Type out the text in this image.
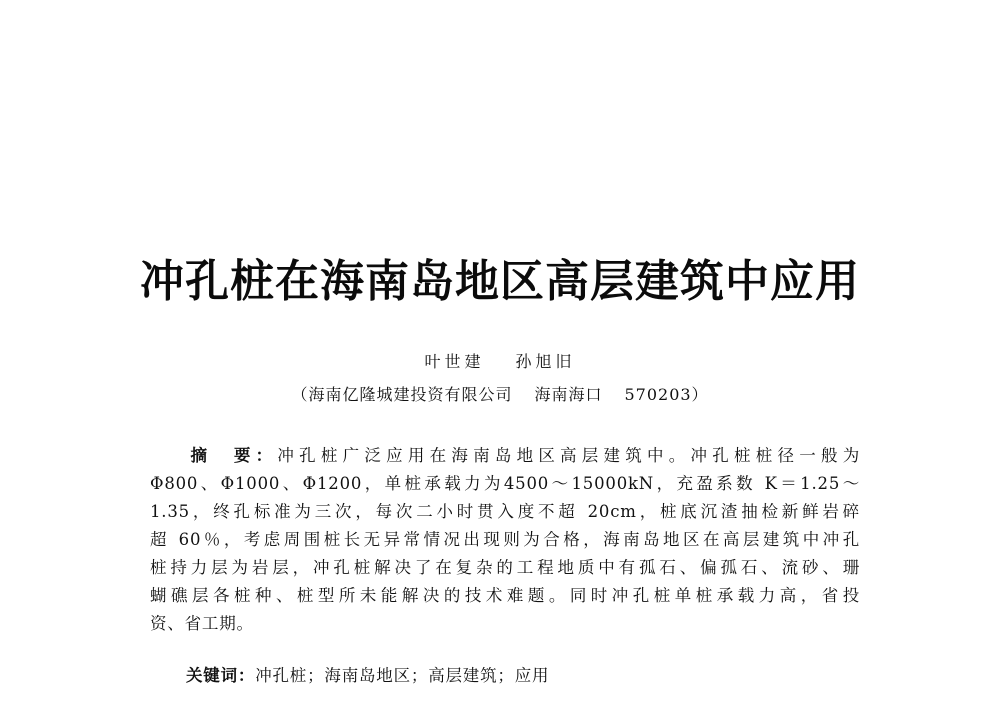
冲孔桩在海南岛地区高层建筑中应用
叶世建 孙旭旧
（海南亿隆城建投资有限公司 海南海口 570203）
摘　要：冲孔桩广泛应用在海南岛地区高层建筑中。冲孔桩桩径一般为
Φ800、Φ1000、Φ1200，单桩承载力为4500～15000kN，充盈系数 K＝1.25～
1.35，终孔标准为三次，每次二小时贯入度不超 20cm，桩底沉渣抽检新鲜岩碎
超 60％，考虑周围桩长无异常情况出现则为合格，海南岛地区在高层建筑中冲孔
桩持力层为岩层，冲孔桩解决了在复杂的工程地质中有孤石、偏孤石、流砂、珊
蝴礁层各桩种、桩型所未能解决的技术难题。同时冲孔桩单桩承载力高，省投
资、省工期。
关键词：冲孔桩；海南岛地区；高层建筑；应用
